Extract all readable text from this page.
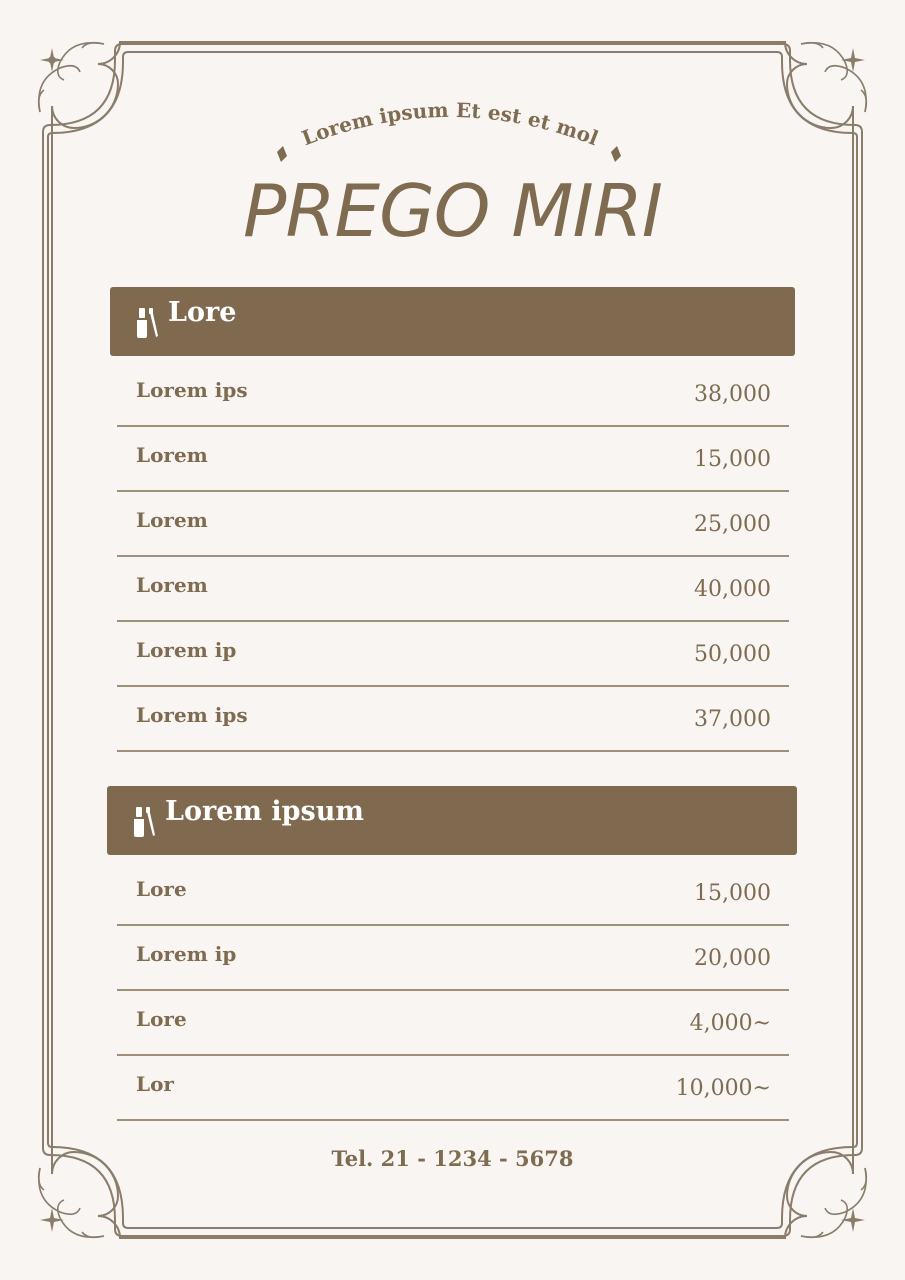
Lorem ipsum Et est et mol
PREGO MIRI
Lore
Lorem ips	38,000
Lorem	15,000
Lorem	25,000
Lorem	40,000
Lorem ip	50,000
Lorem ips	37,000
Lorem ipsum
Lore	15,000
Lorem ip	20,000
Lore	4,000~
Lor	10,000~
Tel. 21 - 1234 - 5678
